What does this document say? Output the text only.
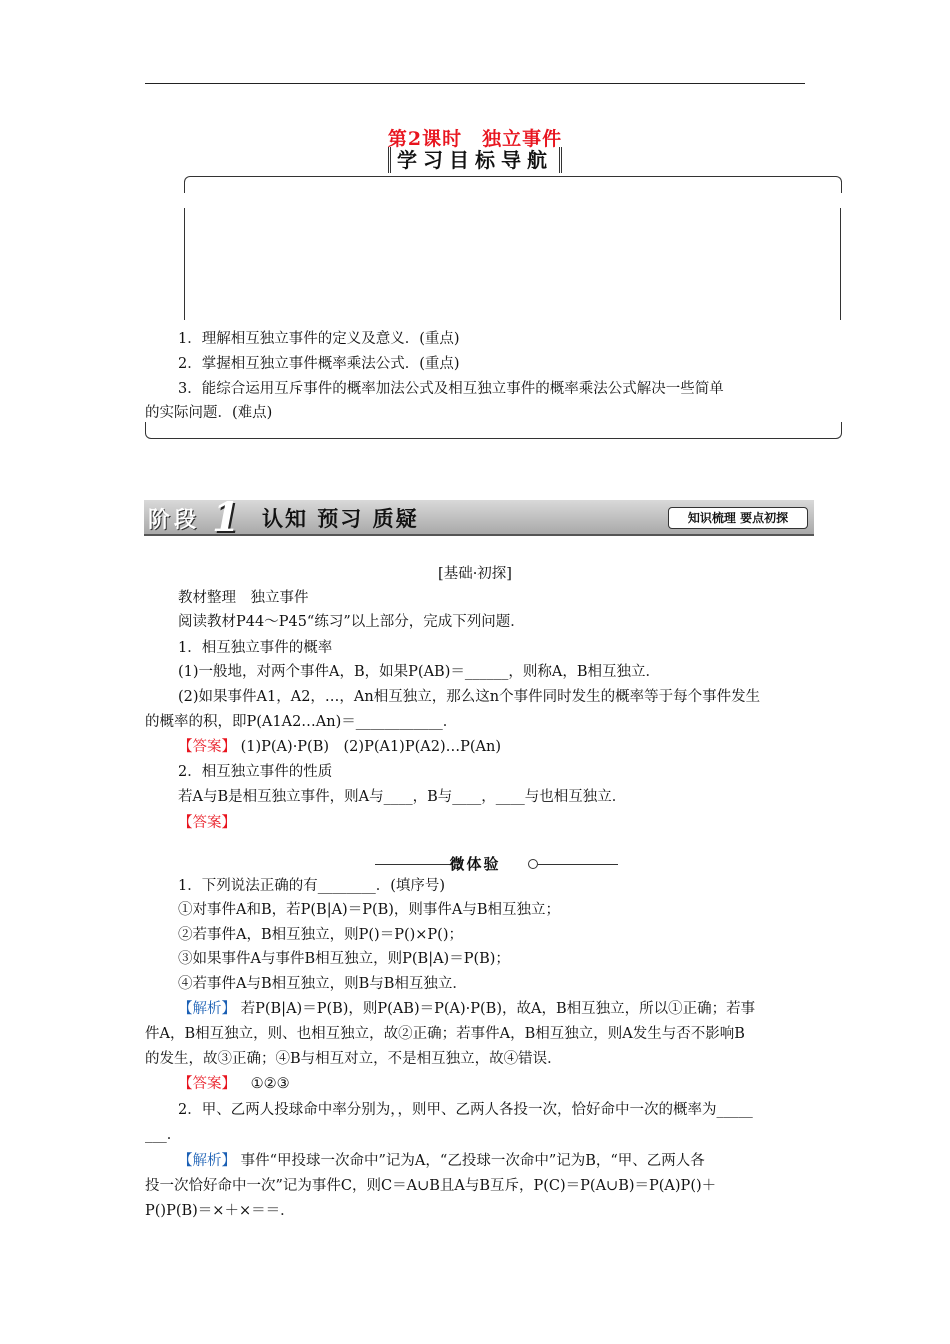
第2课时　独立事件
学习目标导航
1．理解相互独立事件的定义及意义．(重点)
2．掌握相互独立事件概率乘法公式．(重点)
3．能综合运用互斥事件的概率加法公式及相互独立事件的概率乘法公式解决一些简单
的实际问题．(难点)
阶段 1 认知 预习 质疑	知识梳理 要点初探
[基础·初探]
教材整理　独立事件
阅读教材P44～P45“练习”以上部分，完成下列问题．
1．相互独立事件的概率
(1)一般地，对两个事件A，B，如果P(AB)＝______，则称A，B相互独立．
(2)如果事件A1，A2，…，An相互独立，那么这n个事件同时发生的概率等于每个事件发生
的概率的积，即P(A1A2…An)＝____________．
【答案】 (1)P(A)·P(B)　(2)P(A1)P(A2)…P(An)
2．相互独立事件的性质
若A与B是相互独立事件，则A与____，B与____，____与也相互独立．
【答案】
微体验
1．下列说法正确的有________．(填序号)
①对事件A和B，若P(B|A)＝P(B)，则事件A与B相互独立；
②若事件A，B相互独立，则P()＝P()×P()；
③如果事件A与事件B相互独立，则P(B|A)＝P(B)；
④若事件A与B相互独立，则B与B相互独立．
【解析】 若P(B|A)＝P(B)，则P(AB)＝P(A)·P(B)，故A，B相互独立，所以①正确；若事
件A，B相互独立，则、也相互独立，故②正确；若事件A，B相互独立，则A发生与否不影响B
的发生，故③正确；④B与相互对立，不是相互独立，故④错误．
【答案】 ①②③
2．甲、乙两人投球命中率分别为，，则甲、乙两人各投一次，恰好命中一次的概率为_____
___．
【解析】 事件“甲投球一次命中”记为A，“乙投球一次命中”记为B，“甲、乙两人各
投一次恰好命中一次”记为事件C，则C＝A∪B且A与B互斥，P(C)＝P(A∪B)＝P(A)P()＋
P()P(B)＝×＋×＝＝．
